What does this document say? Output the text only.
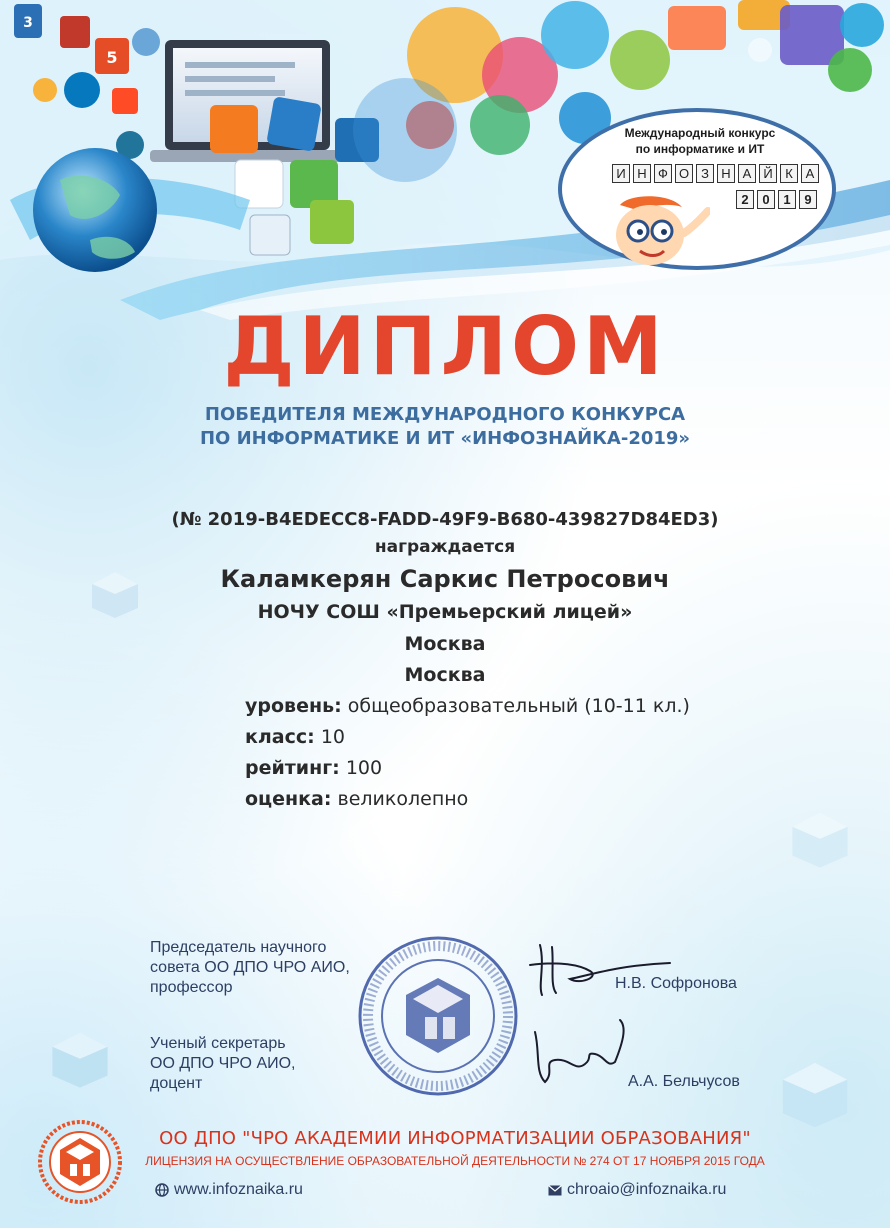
3
5
Международный конкурс
по информатике и ИТ
И Н Ф О З Н А Й К А
2	0	1	9
ДИПЛОМ
ПОБЕДИТЕЛЯ МЕЖДУНАРОДНОГО КОНКУРСА
ПО ИНФОРМАТИКЕ И ИТ «ИНФОЗНАЙКА-2019»
(№ 2019-B4EDECC8-FADD-49F9-B680-439827D84ED3)
награждается
Каламкерян Саркис Петросович
НОЧУ СОШ «Премьерский лицей»
Москва
Москва
уровень: общеобразовательный (10-11 кл.)
класс: 10
рейтинг: 100
оценка: великолепно
Председатель научного
совета ОО ДПО ЧРО АИО,
профессор
Ученый секретарь
ОО ДПО ЧРО АИО,
доцент
Н.В. Софронова
А.А. Бельчусов
ОО ДПО "ЧРО АКАДЕМИИ ИНФОРМАТИЗАЦИИ ОБРАЗОВАНИЯ"
ЛИЦЕНЗИЯ НА ОСУЩЕСТВЛЕНИЕ ОБРАЗОВАТЕЛЬНОЙ ДЕЯТЕЛЬНОСТИ № 274 ОТ 17 НОЯБРЯ 2015 ГОДА
www.infoznaika.ru	chroaio@infoznaika.ru
